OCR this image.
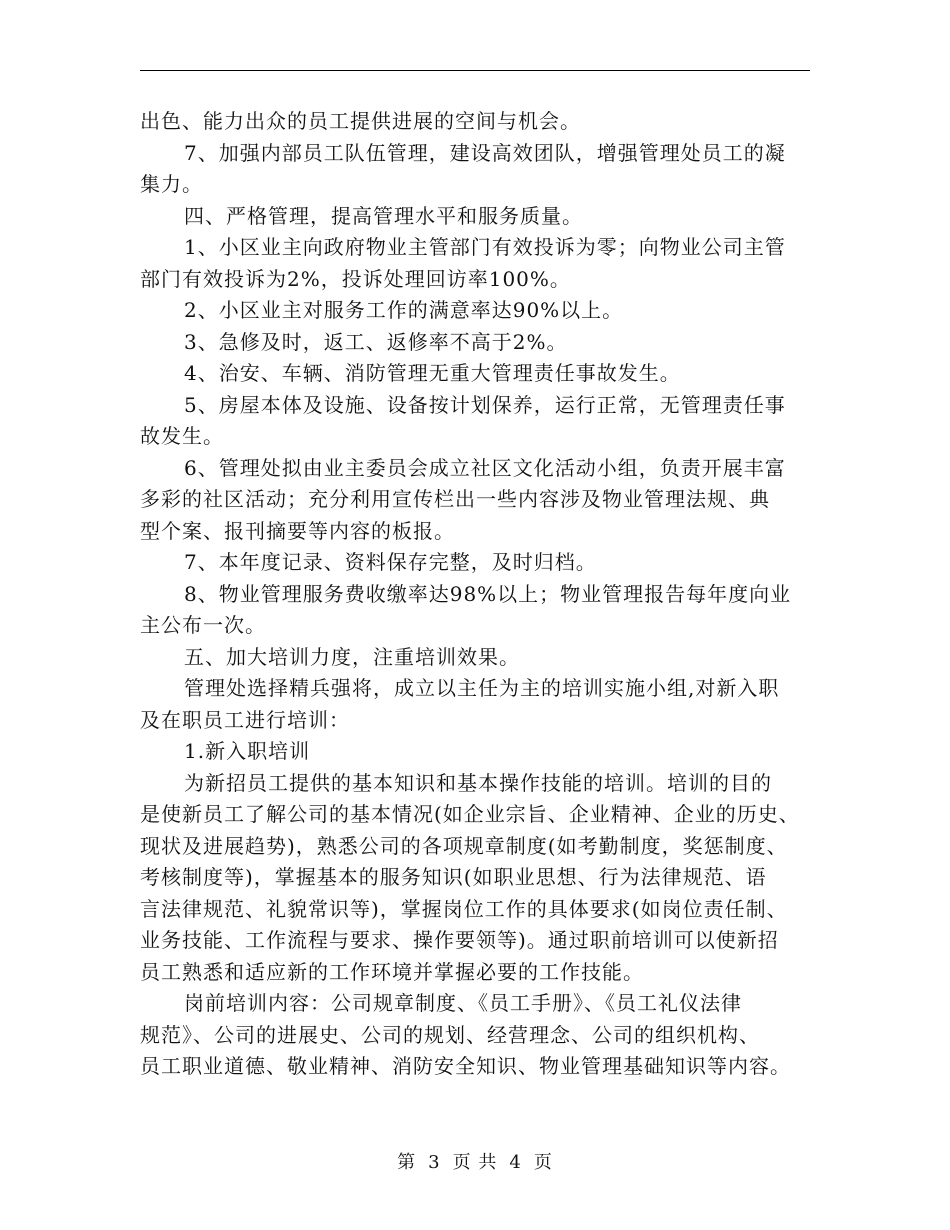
出色、能力出众的员工提供进展的空间与机会。
7、加强内部员工队伍管理，建设高效团队，增强管理处员工的凝
集力。
四、严格管理，提高管理水平和服务质量。
1、小区业主向政府物业主管部门有效投诉为零；向物业公司主管
部门有效投诉为2%，投诉处理回访率100%。
2、小区业主对服务工作的满意率达90%以上。
3、急修及时，返工、返修率不高于2%。
4、治安、车辆、消防管理无重大管理责任事故发生。
5、房屋本体及设施、设备按计划保养，运行正常，无管理责任事
故发生。
6、管理处拟由业主委员会成立社区文化活动小组，负责开展丰富
多彩的社区活动；充分利用宣传栏出一些内容涉及物业管理法规、典
型个案、报刊摘要等内容的板报。
7、本年度记录、资料保存完整，及时归档。
8、物业管理服务费收缴率达98%以上；物业管理报告每年度向业
主公布一次。
五、加大培训力度，注重培训效果。
管理处选择精兵强将，成立以主任为主的培训实施小组,对新入职
及在职员工进行培训：
1.新入职培训
为新招员工提供的基本知识和基本操作技能的培训。培训的目的
是使新员工了解公司的基本情况(如企业宗旨、企业精神、企业的历史、
现状及进展趋势)，熟悉公司的各项规章制度(如考勤制度，奖惩制度、
考核制度等)，掌握基本的服务知识(如职业思想、行为法律规范、语
言法律规范、礼貌常识等)，掌握岗位工作的具体要求(如岗位责任制、
业务技能、工作流程与要求、操作要领等)。通过职前培训可以使新招
员工熟悉和适应新的工作环境并掌握必要的工作技能。
岗前培训内容：公司规章制度、《员工手册》、《员工礼仪法律
规范》、公司的进展史、公司的规划、经营理念、公司的组织机构、
员工职业道德、敬业精神、消防安全知识、物业管理基础知识等内容。
第 3 页 共 4 页
